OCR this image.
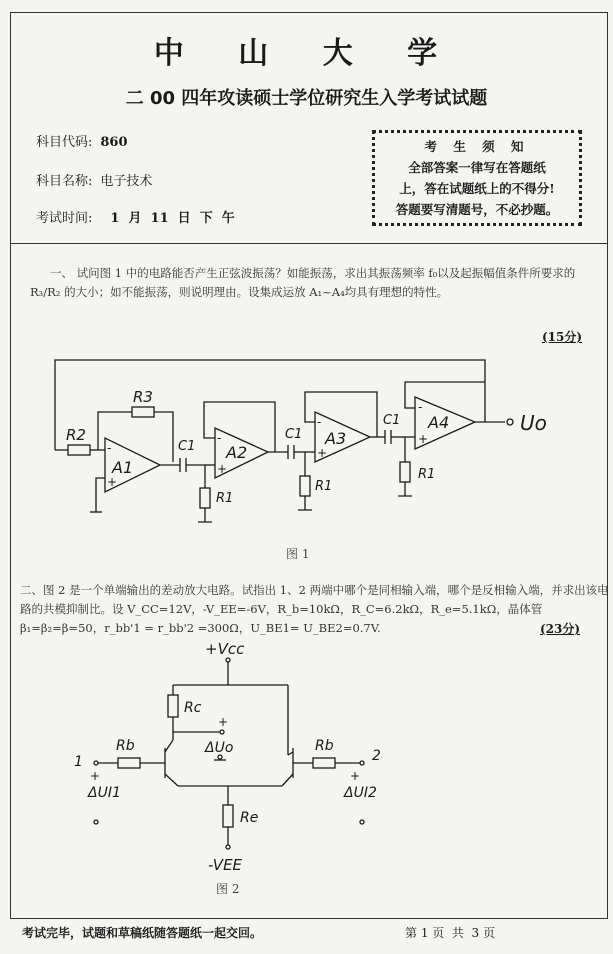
中 山 大 学
二 00 四年攻读硕士学位研究生入学考试试题
科目代码: 860
科目名称: 电子技术
考试时间: 1  月  11  日  下  午
考 生 须 知
全部答案一律写在答题纸
上，答在试题纸上的不得分!
答题要写清题号，不必抄题。
一、 试问图 1 中的电路能否产生正弦波振荡？如能振荡，求出其振荡频率 f₀以及起振幅值条件所要求的 R₃/R₂ 的大小；如不能振荡，则说明理由。设集成运放 A₁~A₄均具有理想的特性。
(15分)
A1
A2
A3
A4
R3
R2
C1
C1
C1
R1
R1
R1
Uo
-
+
-
+
-
+
-
+
图 1
二、图 2 是一个单端输出的差动放大电路。试指出 1、2 两端中哪个是同相输入端，哪个是反相输入端，并求出该电路的共模抑制比。设 V_CC=12V，-V_EE=-6V，R_b=10kΩ，R_C=6.2kΩ，R_e=5.1kΩ，晶体管 β₁=β₂=β=50，r_bb'1 = r_bb'2 =300Ω，U_BE1= U_BE2=0.7V.	(23分)
+Vcc
Rc
ΔUo
Rb	Rb
Re
-VEE
ΔUI1	ΔUI2
1	2
+	+
+
图 2
考试完毕，试题和草稿纸随答题纸一起交回。	第 1 页  共  3 页
